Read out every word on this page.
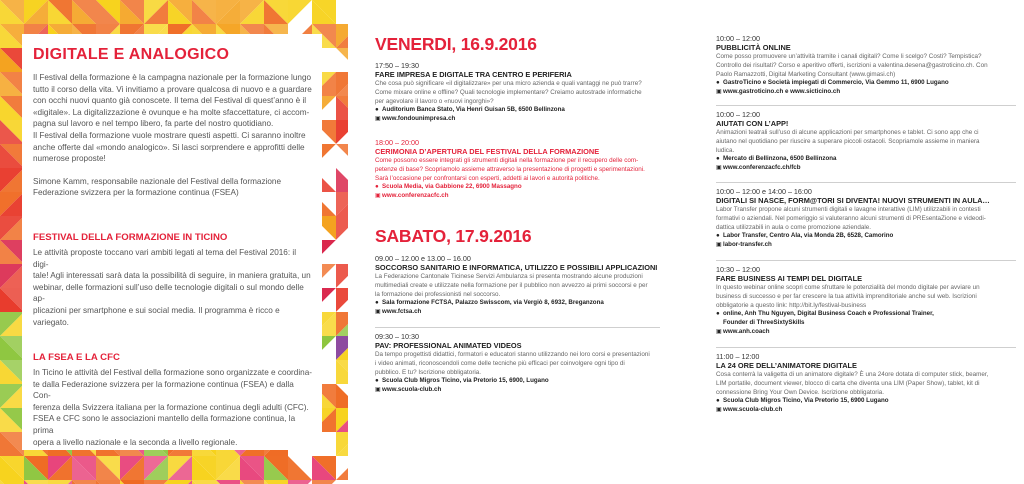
DIGITALE E ANALOGICO
Il Festival della formazione è la campagna nazionale per la formazione lungo
tutto il corso della vita. Vi invitiamo a provare qualcosa di nuovo e a guardare
con occhi nuovi quanto già conoscete. Il tema del Festival di quest’anno è il
«digitale». La digitalizzazione è ovunque e ha molte sfaccettature, ci accom-
pagna sul lavoro e nel tempo libero, fa parte del nostro quotidiano.
Il Festival della formazione vuole mostrare questi aspetti. Ci saranno inoltre
anche offerte dal «mondo analogico». Si lasci sorprendere e approfitti delle
numerose proposte!
Simone Kamm, responsabile nazionale del Festival della formazione
Federazione svizzera per la formazione continua (FSEA)
FESTIVAL DELLA FORMAZIONE IN TICINO
Le attività proposte toccano vari ambiti legati al tema del Festival 2016: il digi-
tale! Agli interessati sarà data la possibilità di seguire, in maniera gratuita, un
webinar, delle formazioni sull’uso delle tecnologie digitali o sul mondo delle ap-
plicazioni per smartphone e sui social media. Il programma è ricco e variegato.
LA FSEA E LA CFC
In Ticino le attività del Festival della formazione sono organizzate e coordina-
te dalla Federazione svizzera per la formazione continua (FSEA) e dalla Con-
ferenza della Svizzera italiana per la formazione continua degli adulti (CFC).
FSEA e CFC sono le associazioni mantello della formazione continua, la prima
opera a livello nazionale e la seconda a livello regionale.
VENERDI, 16.9.2016
17:50 – 19:30
FARE IMPRESA E DIGITALE TRA CENTRO E PERIFERIA
Che cosa può significare «il digitalizzare» per una micro azienda e quali vantaggi ne può trarre?
Come mixare online e offline? Quali tecnologie implementare? Creiamo autostrade informatiche
per agevolare il lavoro o «nuovi ingorghi»?
● Auditorium Banca Stato, Via Henri Guisan 5B, 6500 Bellinzona
▣www.fondounimpresa.ch
18:00 – 20:00
CERIMONIA D’APERTURA DEL FESTIVAL DELLA FORMAZIONE
Come possono essere integrati gli strumenti digitali nella formazione per il recupero delle com-
petenze di base? Scopriamolo assieme attraverso la presentazione di progetti e sperimentazioni.
Sarà l’occasione per confrontarsi con esperti, addetti ai lavori e autorità politiche.
● Scuola Media, via Gabbione 22, 6900 Massagno
▣www.conferenzacfc.ch
SABATO, 17.9.2016
09.00 – 12.00 e 13.00 – 16.00
SOCCORSO SANITARIO E INFORMATICA, UTILIZZO E POSSIBILI APPLICAZIONI
La Federazione Cantonale Ticinese Servizi Ambulanza si presenta mostrando alcune produzioni
multimediali create e utilizzate nella formazione per il pubblico non avvezzo ai primi soccorsi e per
la formazione dei professionisti nel soccorso.
● Sala formazione FCTSA, Palazzo Swisscom, via Vergiò 8, 6932, Breganzona
▣www.fctsa.ch
09:30 – 10:30
PAV: PROFESSIONAL ANIMATED VIDEOS
Da tempo progettisti didattici, formatori e educatori stanno utilizzando nei loro corsi e presentazioni
i video animati, riconoscendoli come delle tecniche più efficaci per coinvolgere ogni tipo di
pubblico. E tu? Iscrizione obbligatoria.
● Scuola Club Migros Ticino, via Pretorio 15, 6900, Lugano
▣www.scuola-club.ch
10:00 – 12:00
PUBBLICITÀ ONLINE
Come posso promuovere un’attività tramite i canali digitali? Come li scelgo? Costi? Tempistica?
Controllo dei risultati? Corso e aperitivo offerti, iscrizioni a valentina.desena@gastroticino.ch. Con
Paolo Ramazzotti, Digital Marketing Consultant (www.gimasi.ch)
● GastroTicino e Società impiegati di Commercio, Via Gemmo 11, 6900 Lugano
▣www.gastroticino.ch e www.sicticino.ch
10:00 – 12:00
AIUTATI CON L’APP!
Animazioni teatrali sull’uso di alcune applicazioni per smartphones e tablet. Ci sono app che ci
aiutano nel quotidiano per riuscire a superare piccoli ostacoli. Scopriamole assieme in maniera
ludica.
● Mercato di Bellinzona, 6500 Bellinzona
▣www.conferenzacfc.ch/fcb
10:00 – 12:00 e 14:00 – 16:00
DIGITALI SI NASCE, FORM@TORI SI DIVENTA! NUOVI STRUMENTI IN AULA…
Labor Transfer propone alcuni strumenti digitali e lavagne interattive (LIM) utilizzabili in contesti
formativi o aziendali. Nel pomeriggio si valuteranno alcuni strumenti di PREsentaZione e videodi-
dattica utilizzabili in aula o come promozione aziendale.
● Labor Transfer, Centro Ala, via Monda 2B, 6528, Camorino
▣labor-transfer.ch
10:30 – 12:00
FARE BUSINESS AI TEMPI DEL DIGITALE
In questo webinar online scopri come sfruttare le potenzialità del mondo digitale per avviare un
business di successo e per far crescere la tua attività imprenditoriale anche sul web. Iscrizioni
obbligatorie a questo link: http://bit.ly/festival-business
● online, Anh Thu Nguyen, Digital Business Coach e Professional Trainer,
Founder di ThreeSixtySkills
▣www.anh.coach
11:00 – 12:00
LA 24 ORE DELL’ANIMATORE DIGITALE
Cosa conterrà la valigetta di un animatore digitale? È una 24ore dotata di computer stick, beamer,
LIM portatile, document viewer, blocco di carta che diventa una LIM (Paper Show), tablet, kit di
connessione Bring Your Own Device. Iscrizione obbligatoria.
● Scuola Club Migros Ticino, Via Pretorio 15, 6900 Lugano
▣www.scuola-club.ch
